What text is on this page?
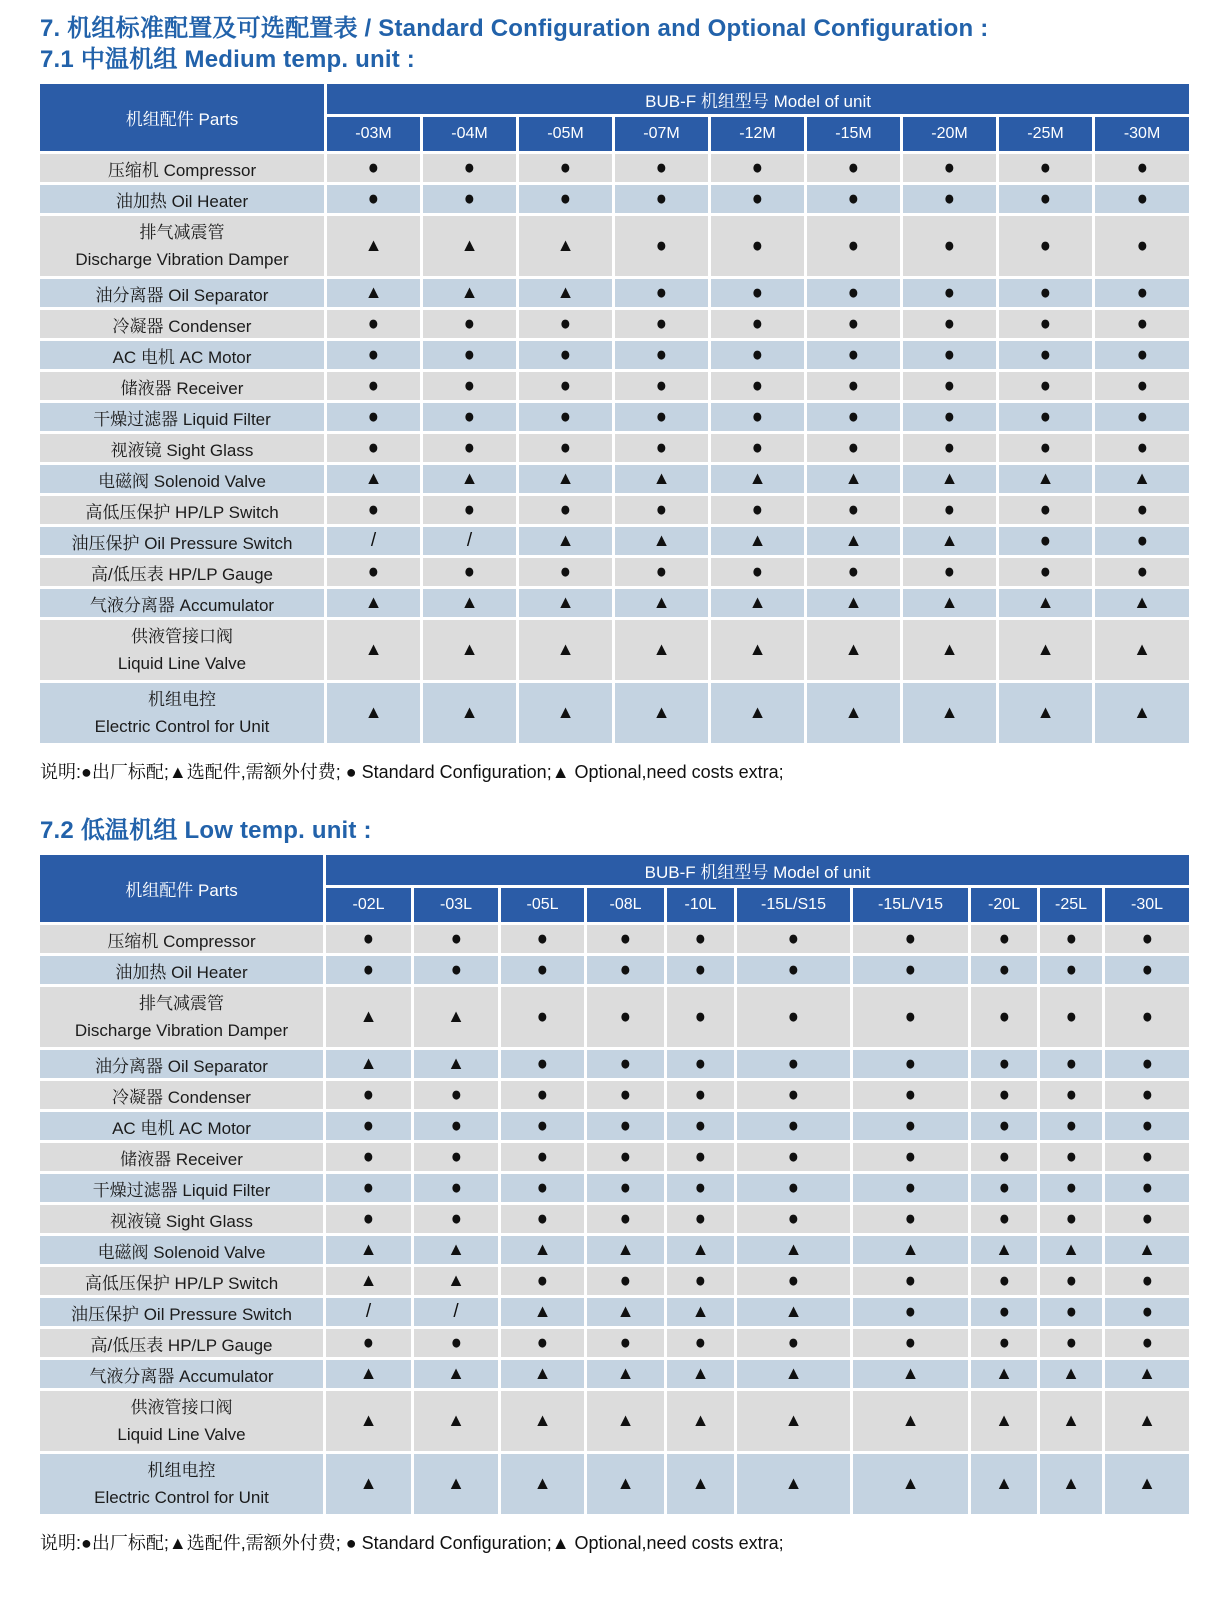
7. 机组标准配置及可选配置表 / Standard Configuration and Optional Configuration :
7.1 中温机组 Medium temp. unit :
机组配件 Parts	BUB-F 机组型号 Model of unit								
	-03M	-04M	-05M	-07M	-12M	-15M	-20M	-25M	-30M
压缩机 Compressor	●	●	●	●	●	●	●	●	●
油加热 Oil Heater	●	●	●	●	●	●	●	●	●

排气减震管
Discharge Vibration Damper	▲	▲	▲	●	●	●	●	●	●
油分离器 Oil Separator	▲	▲	▲	●	●	●	●	●	●
冷凝器 Condenser	●	●	●	●	●	●	●	●	●
AC 电机 AC Motor	●	●	●	●	●	●	●	●	●
储液器 Receiver	●	●	●	●	●	●	●	●	●
干燥过滤器 Liquid Filter	●	●	●	●	●	●	●	●	●
视液镜 Sight Glass	●	●	●	●	●	●	●	●	●
电磁阀 Solenoid Valve	▲	▲	▲	▲	▲	▲	▲	▲	▲
高低压保护 HP/LP Switch	●	●	●	●	●	●	●	●	●
油压保护 Oil Pressure Switch	/	/	▲	▲	▲	▲	▲	●	●
高/低压表 HP/LP Gauge	●	●	●	●	●	●	●	●	●
气液分离器 Accumulator	▲	▲	▲	▲	▲	▲	▲	▲	▲

供液管接口阀
Liquid Line Valve	▲	▲	▲	▲	▲	▲	▲	▲	▲

机组电控
Electric Control for Unit	▲	▲	▲	▲	▲	▲	▲	▲	▲

说明:●出厂标配;▲选配件,需额外付费; ● Standard Configuration;▲ Optional,need costs extra;

7.2 低温机组 Low temp. unit :
机组配件 Parts	BUB-F 机组型号 Model of unit									
	-02L	-03L	-05L	-08L	-10L	-15L/S15	-15L/V15	-20L	-25L	-30L
压缩机 Compressor	●	●	●	●	●	●	●	●	●	●
油加热 Oil Heater	●	●	●	●	●	●	●	●	●	●

排气减震管
Discharge Vibration Damper	▲	▲	●	●	●	●	●	●	●	●
油分离器 Oil Separator	▲	▲	●	●	●	●	●	●	●	●
冷凝器 Condenser	●	●	●	●	●	●	●	●	●	●
AC 电机 AC Motor	●	●	●	●	●	●	●	●	●	●
储液器 Receiver	●	●	●	●	●	●	●	●	●	●
干燥过滤器 Liquid Filter	●	●	●	●	●	●	●	●	●	●
视液镜 Sight Glass	●	●	●	●	●	●	●	●	●	●
电磁阀 Solenoid Valve	▲	▲	▲	▲	▲	▲	▲	▲	▲	▲
高低压保护 HP/LP Switch	▲	▲	●	●	●	●	●	●	●	●
油压保护 Oil Pressure Switch	/	/	▲	▲	▲	▲	●	●	●	●
高/低压表 HP/LP Gauge	●	●	●	●	●	●	●	●	●	●
气液分离器 Accumulator	▲	▲	▲	▲	▲	▲	▲	▲	▲	▲

供液管接口阀
Liquid Line Valve	▲	▲	▲	▲	▲	▲	▲	▲	▲	▲

机组电控
Electric Control for Unit	▲	▲	▲	▲	▲	▲	▲	▲	▲	▲

说明:●出厂标配;▲选配件,需额外付费; ● Standard Configuration;▲ Optional,need costs extra;
